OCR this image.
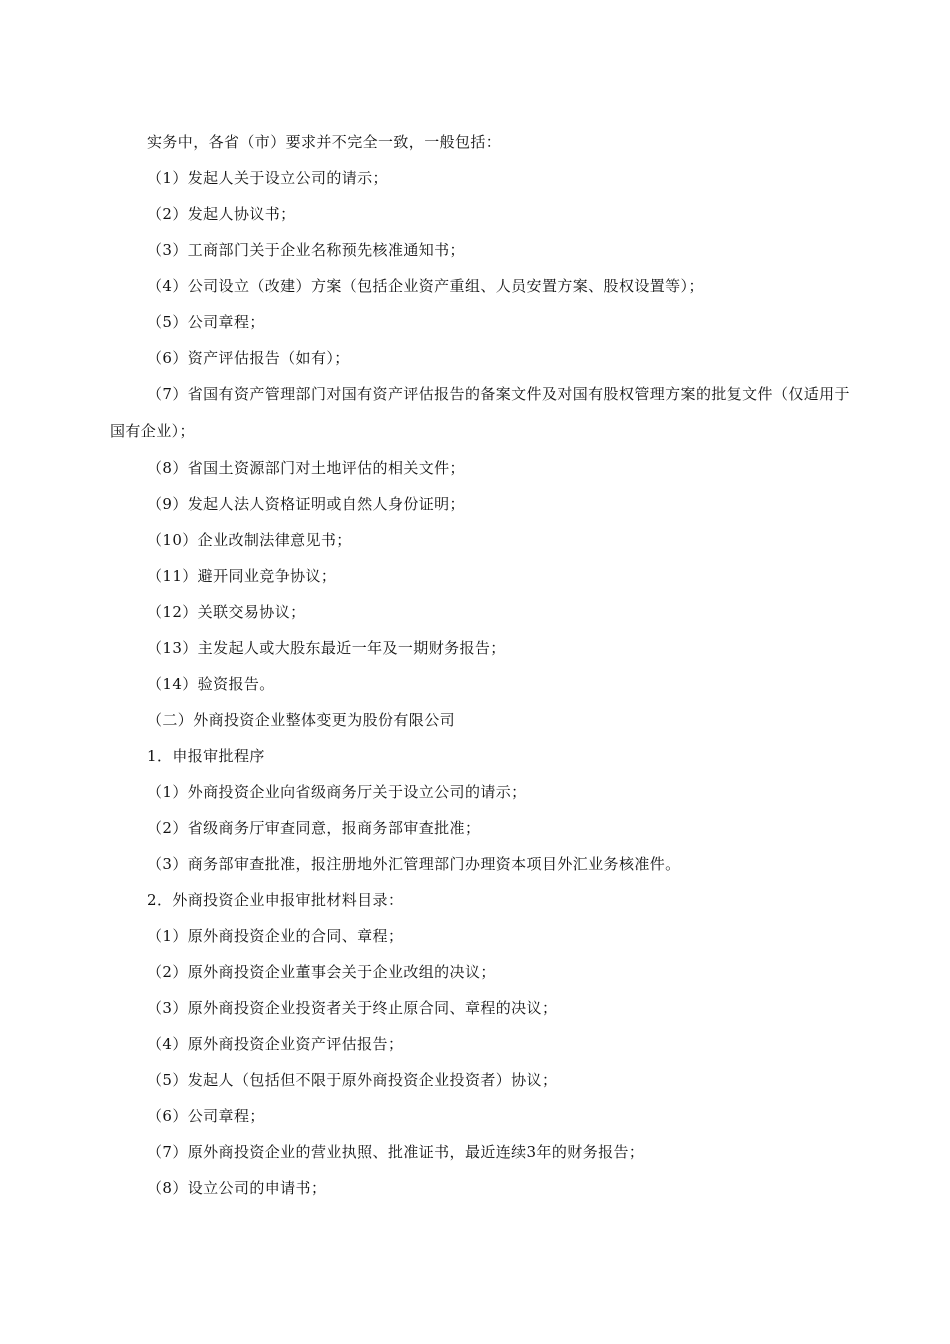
实务中，各省（市）要求并不完全一致，一般包括：

（1）发起人关于设立公司的请示；

（2）发起人协议书；

（3）工商部门关于企业名称预先核准通知书；

（4）公司设立（改建）方案（包括企业资产重组、人员安置方案、股权设置等）；

（5）公司章程；

（6）资产评估报告（如有）；

（7）省国有资产管理部门对国有资产评估报告的备案文件及对国有股权管理方案的批复文件（仅适用于国有企业）；

（8）省国土资源部门对土地评估的相关文件；

（9）发起人法人资格证明或自然人身份证明；

（10）企业改制法律意见书；

（11）避开同业竞争协议；

（12）关联交易协议；

（13）主发起人或大股东最近一年及一期财务报告；

（14）验资报告。

（二）外商投资企业整体变更为股份有限公司

1．申报审批程序

（1）外商投资企业向省级商务厅关于设立公司的请示；

（2）省级商务厅审查同意，报商务部审查批准；

（3）商务部审查批准，报注册地外汇管理部门办理资本项目外汇业务核准件。

2．外商投资企业申报审批材料目录：

（1）原外商投资企业的合同、章程；

（2）原外商投资企业董事会关于企业改组的决议；

（3）原外商投资企业投资者关于终止原合同、章程的决议；

（4）原外商投资企业资产评估报告；

（5）发起人（包括但不限于原外商投资企业投资者）协议；

（6）公司章程；

（7）原外商投资企业的营业执照、批准证书，最近连续3年的财务报告；

（8）设立公司的申请书；
